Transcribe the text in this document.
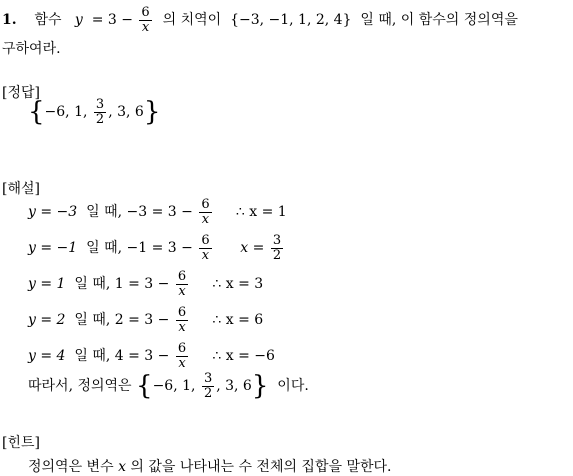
1. 함수 $y = 3 - \frac{6}{x}$ 의 치역이 {−3, −1, 1, 2, 4} 일 때, 이 함수의 정의역을
구하여라.
[정답]
{−6, 1, $\frac{3}{2}$ , 3, 6}
[해설]
y = −3 일 때, $-3 = 3 - \frac{6}{x}$ ∴ x = 1
y = −1 일 때, $-1 = 3 - \frac{6}{x}$ $x = \frac{3}{2}$
y = 1 일 때, $1 = 3 - \frac{6}{x}$ ∴ x = 3
y = 2 일 때, $2 = 3 - \frac{6}{x}$ ∴ x = 6
y = 4 일 때, $4 = 3 - \frac{6}{x}$ ∴ x = −6
따라서, 정의역은 {−6, 1, $\frac{3}{2}$ , 3, 6} 이다.
[힌트]
정의역은 변수 x 의 값을 나타내는 수 전체의 집합을 말한다.
